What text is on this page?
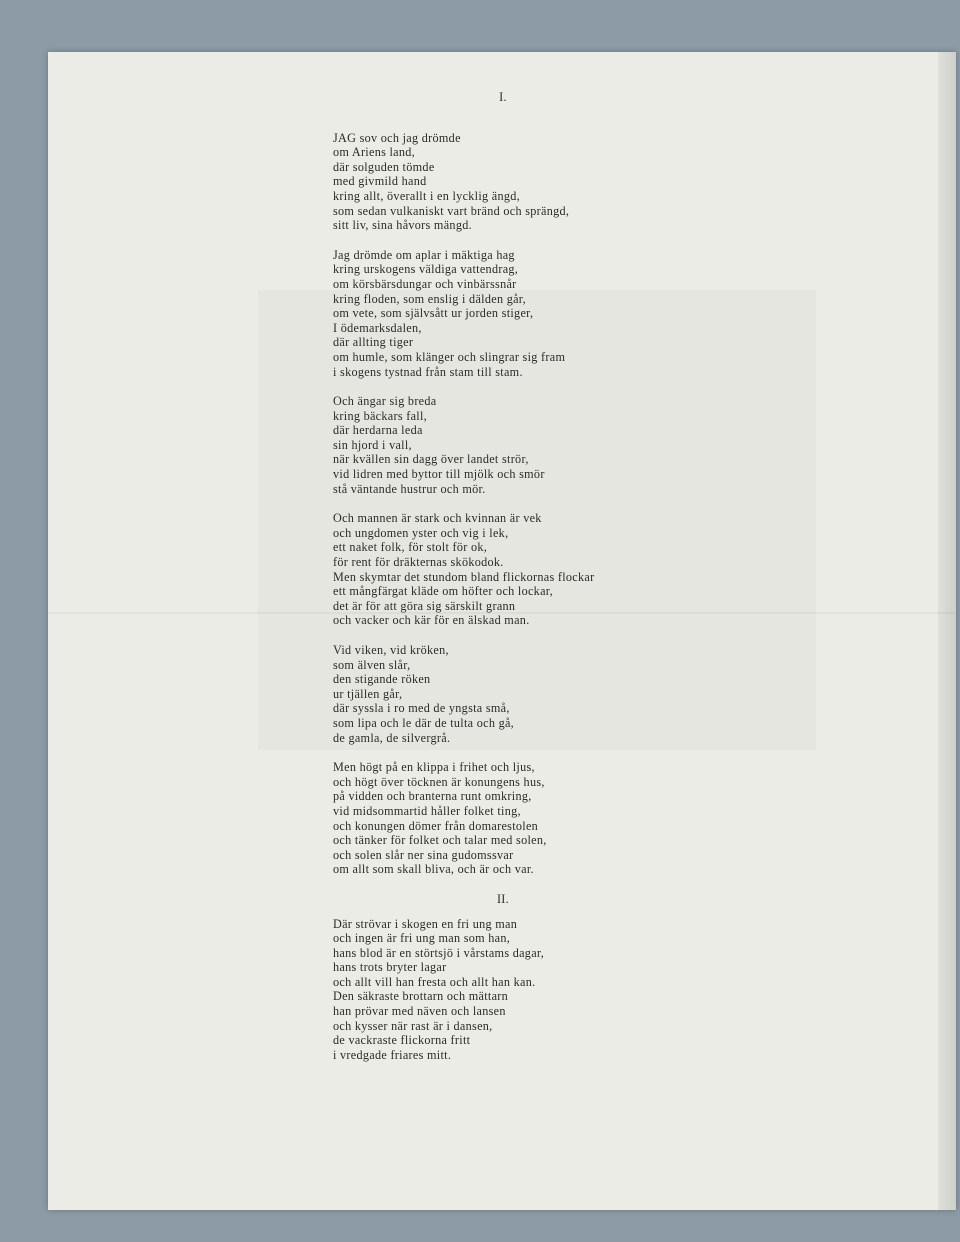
I.
JAG sov och jag drömde
om Ariens land,
där solguden tömde
med givmild hand
kring allt, överallt i en lycklig ängd,
som sedan vulkaniskt vart bränd och sprängd,
sitt liv, sina håvors mängd.
Jag drömde om aplar i mäktiga hag
kring urskogens väldiga vattendrag,
om körsbärsdungar och vinbärssnår
kring floden, som enslig i dälden går,
om vete, som självsått ur jorden stiger,
I ödemarksdalen,
där allting tiger
om humle, som klänger och slingrar sig fram
i skogens tystnad från stam till stam.
Och ängar sig breda
kring bäckars fall,
där herdarna leda
sin hjord i vall,
när kvällen sin dagg över landet strör,
vid lidren med byttor till mjölk och smör
stå väntande hustrur och mör.
Och mannen är stark och kvinnan är vek
och ungdomen yster och vig i lek,
ett naket folk, för stolt för ok,
för rent för dräkternas skökodok.
Men skymtar det stundom bland flickornas flockar
ett mångfärgat kläde om höfter och lockar,
det är för att göra sig särskilt grann
och vacker och kär för en älskad man.
Vid viken, vid kröken,
som älven slår,
den stigande röken
ur tjällen går,
där syssla i ro med de yngsta små,
som lipa och le där de tulta och gå,
de gamla, de silvergrå.
Men högt på en klippa i frihet och ljus,
och högt över töcknen är konungens hus,
på vidden och branterna runt omkring,
vid midsommartid håller folket ting,
och konungen dömer från domarestolen
och tänker för folket och talar med solen,
och solen slår ner sina gudomssvar
om allt som skall bliva, och är och var.
II.
Där strövar i skogen en fri ung man
och ingen är fri ung man som han,
hans blod är en störtsjö i vårstams dagar,
hans trots bryter lagar
och allt vill han fresta och allt han kan.
Den säkraste brottarn och mättarn
han prövar med näven och lansen
och kysser när rast är i dansen,
de vackraste flickorna fritt
i vredgade friares mitt.
